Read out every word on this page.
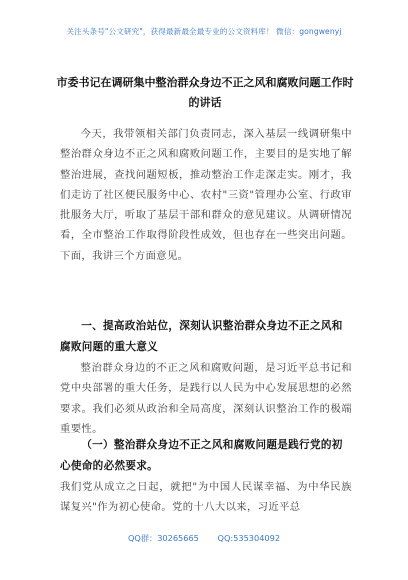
关注头条号"公文研究"，获得最新最全最专业的公文资料库！ 微信：gongwenyj
市委书记在调研集中整治群众身边不正之风和腐败问题工作时的讲话
今天，我带领相关部门负责同志，深入基层一线调研集中整治群众身边不正之风和腐败问题工作，主要目的是实地了解整治进展，查找问题短板，推动整治工作走深走实。刚才，我们走访了社区便民服务中心、农村"三资"管理办公室、行政审批服务大厅，听取了基层干部和群众的意见建议。从调研情况看，全市整治工作取得阶段性成效，但也存在一些突出问题。下面，我讲三个方面意见。
一、提高政治站位，深刻认识整治群众身边不正之风和腐败问题的重大意义
整治群众身边的不正之风和腐败问题，是习近平总书记和党中央部署的重大任务，是践行以人民为中心发展思想的必然要求。我们必须从政治和全局高度，深刻认识整治工作的极端重要性。
（一）整治群众身边不正之风和腐败问题是践行党的初心使命的必然要求。
我们党从成立之日起，就把"为中国人民谋幸福、为中华民族谋复兴"作为初心使命。党的十八大以来，习近平总
QQ群：30265665 QQ:535304092
